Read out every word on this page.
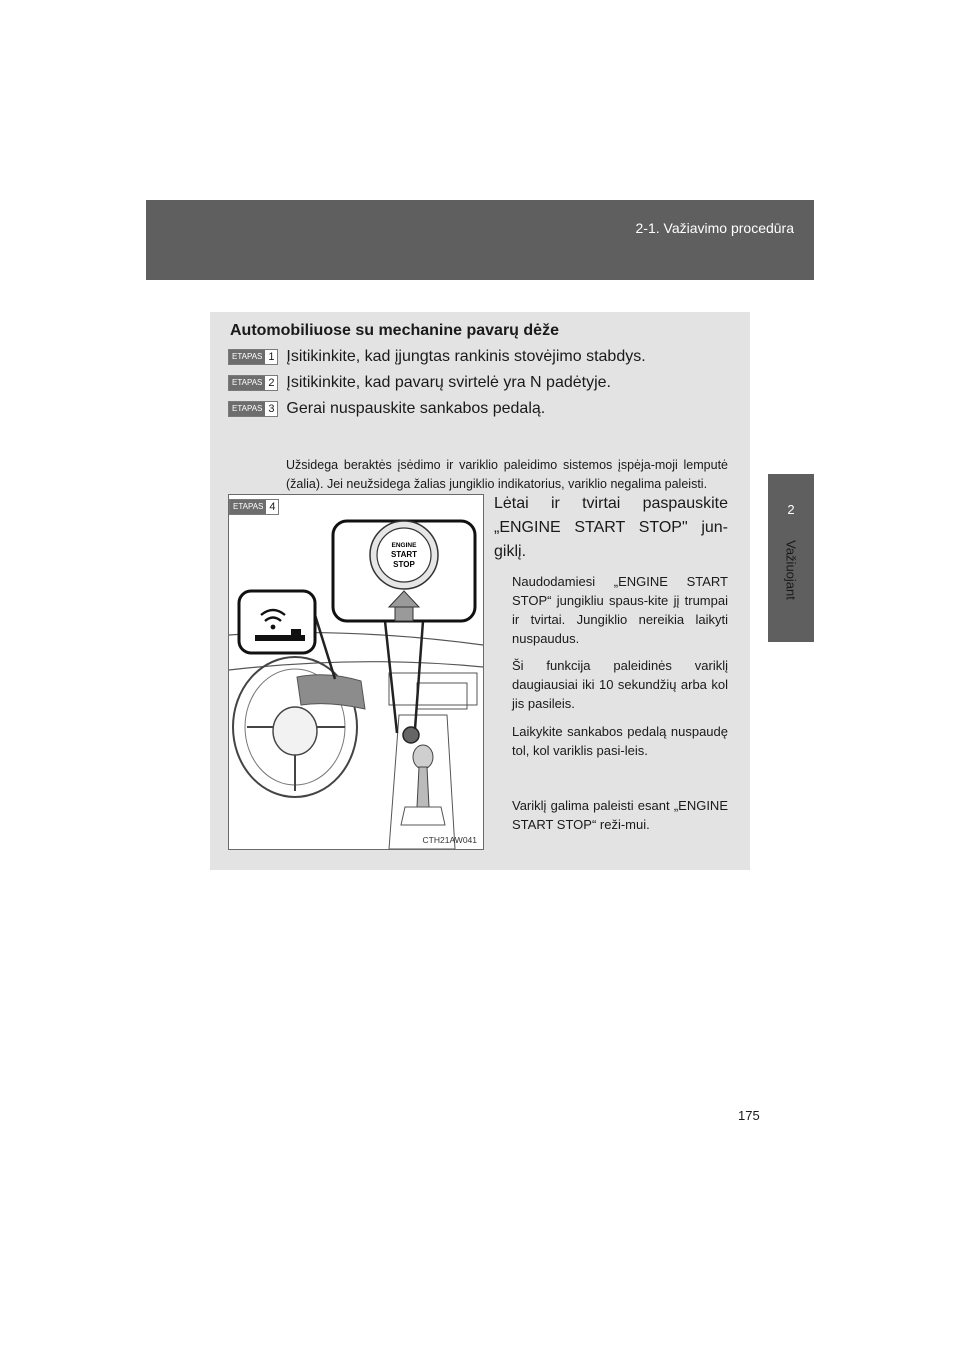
2-1. Važiavimo procedūra
2
Važiuojant
Automobiliuose su mechanine pavarų dėže
ETAPAS 1 Įsitikinkite, kad įjungtas rankinis stovėjimo stabdys.
ETAPAS 2 Įsitikinkite, kad pavarų svirtelė yra N padėtyje.
ETAPAS 3 Gerai nuspauskite sankabos pedalą.
Užsidega beraktės įsėdimo ir variklio paleidimo sistemos įspėja-moji lemputė (žalia). Jei neužsidega žalias jungiklio indikatorius, variklio negalima paleisti.
ETAPAS 4
ENGINE
START
STOP
CTH21AW041
Lėtai ir tvirtai paspauskite „ENGINE START STOP" jun-giklį.
Naudodamiesi „ENGINE START STOP“ jungikliu spaus-kite jį trumpai ir tvirtai. Jungiklio nereikia laikyti nuspaudus.
Ši funkcija paleidinės variklį daugiausiai iki 10 sekundžių arba kol jis pasileis.
Laikykite sankabos pedalą nuspaudę tol, kol variklis pasi-leis.
Variklį galima paleisti esant „ENGINE START STOP“ reži-mui.
175
